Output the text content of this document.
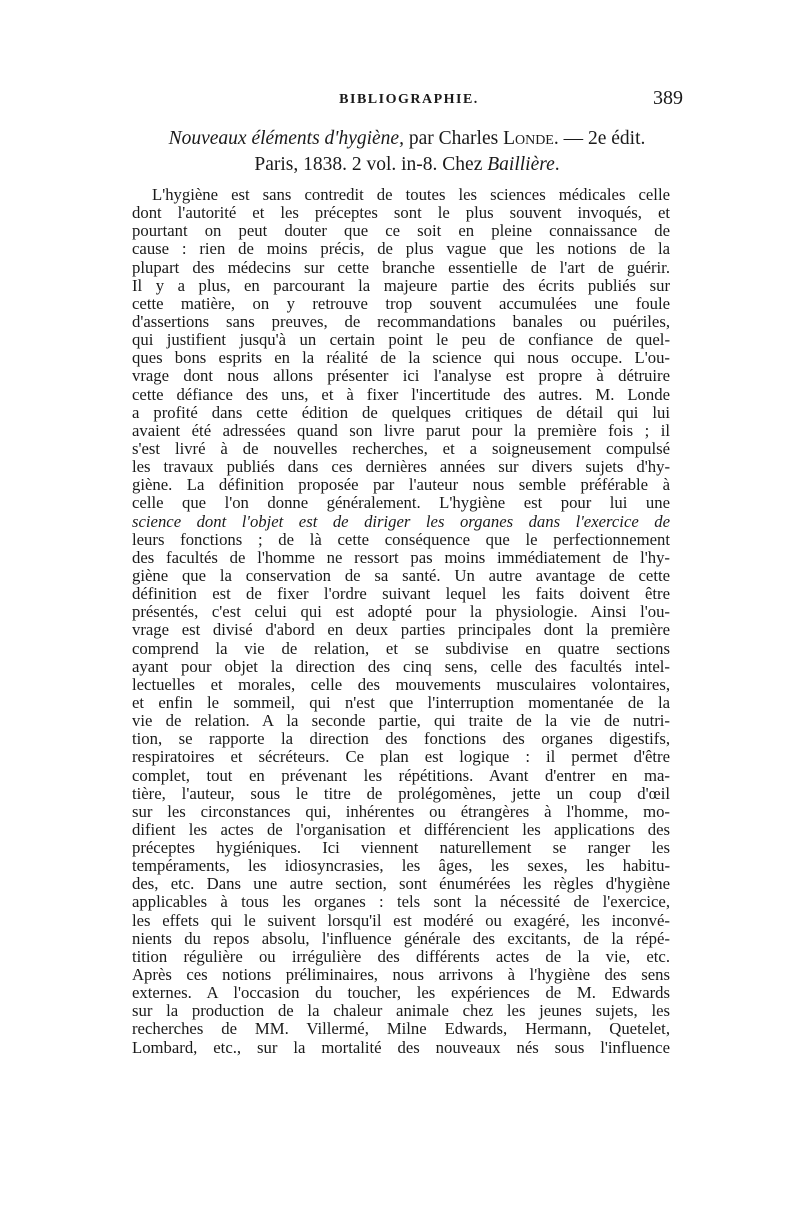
BIBLIOGRAPHIE.	389
Nouveaux éléments d'hygiène, par Charles Londe. — 2e édit.
Paris, 1838. 2 vol. in-8. Chez Baillière.
L'hygiène est sans contredit de toutes les sciences médicales celle
dont l'autorité et les préceptes sont le plus souvent invoqués, et
pourtant on peut douter que ce soit en pleine connaissance de
cause : rien de moins précis, de plus vague que les notions de la
plupart des médecins sur cette branche essentielle de l'art de guérir.
Il y a plus, en parcourant la majeure partie des écrits publiés sur
cette matière, on y retrouve trop souvent accumulées une foule
d'assertions sans preuves, de recommandations banales ou puériles,
qui justifient jusqu'à un certain point le peu de confiance de quel-
ques bons esprits en la réalité de la science qui nous occupe. L'ou-
vrage dont nous allons présenter ici l'analyse est propre à détruire
cette défiance des uns, et à fixer l'incertitude des autres. M. Londe
a profité dans cette édition de quelques critiques de détail qui lui
avaient été adressées quand son livre parut pour la première fois ; il
s'est livré à de nouvelles recherches, et a soigneusement compulsé
les travaux publiés dans ces dernières années sur divers sujets d'hy-
giène. La définition proposée par l'auteur nous semble préférable à
celle que l'on donne généralement. L'hygiène est pour lui une
science dont l'objet est de diriger les organes dans l'exercice de
leurs fonctions ; de là cette conséquence que le perfectionnement
des facultés de l'homme ne ressort pas moins immédiatement de l'hy-
giène que la conservation de sa santé. Un autre avantage de cette
définition est de fixer l'ordre suivant lequel les faits doivent être
présentés, c'est celui qui est adopté pour la physiologie. Ainsi l'ou-
vrage est divisé d'abord en deux parties principales dont la première
comprend la vie de relation, et se subdivise en quatre sections
ayant pour objet la direction des cinq sens, celle des facultés intel-
lectuelles et morales, celle des mouvements musculaires volontaires,
et enfin le sommeil, qui n'est que l'interruption momentanée de la
vie de relation. A la seconde partie, qui traite de la vie de nutri-
tion, se rapporte la direction des fonctions des organes digestifs,
respiratoires et sécréteurs. Ce plan est logique : il permet d'être
complet, tout en prévenant les répétitions. Avant d'entrer en ma-
tière, l'auteur, sous le titre de prolégomènes, jette un coup d'œil
sur les circonstances qui, inhérentes ou étrangères à l'homme, mo-
difient les actes de l'organisation et différencient les applications des
préceptes hygiéniques. Ici viennent naturellement se ranger les
tempéraments, les idiosyncrasies, les âges, les sexes, les habitu-
des, etc. Dans une autre section, sont énumérées les règles d'hygiène
applicables à tous les organes : tels sont la nécessité de l'exercice,
les effets qui le suivent lorsqu'il est modéré ou exagéré, les inconvé-
nients du repos absolu, l'influence générale des excitants, de la répé-
tition régulière ou irrégulière des différents actes de la vie, etc.
Après ces notions préliminaires, nous arrivons à l'hygiène des sens
externes. A l'occasion du toucher, les expériences de M. Edwards
sur la production de la chaleur animale chez les jeunes sujets, les
recherches de MM. Villermé, Milne Edwards, Hermann, Quetelet,
Lombard, etc., sur la mortalité des nouveaux nés sous l'influence
